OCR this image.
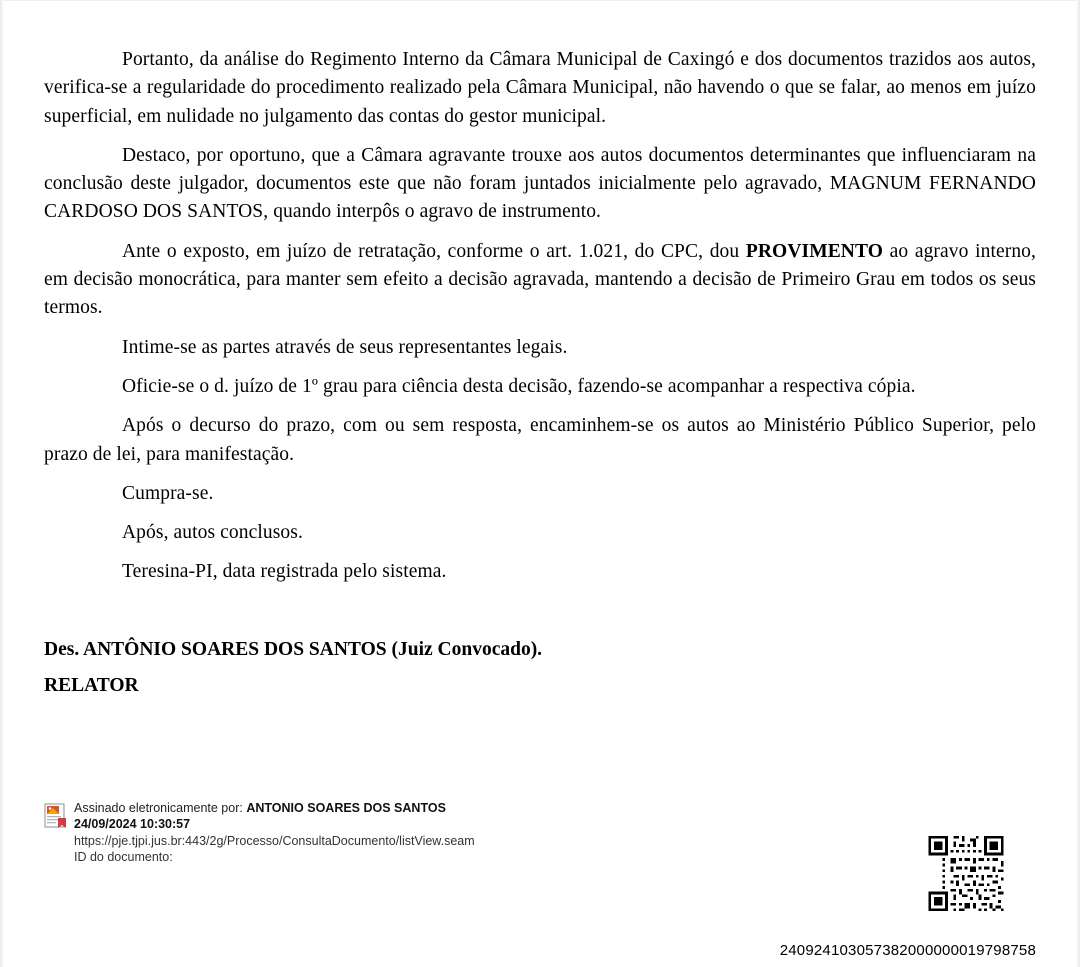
Portanto, da análise do Regimento Interno da Câmara Municipal de Caxingó e dos documentos trazidos aos autos, verifica-se a regularidade do procedimento realizado pela Câmara Municipal, não havendo o que se falar, ao menos em juízo superficial, em nulidade no julgamento das contas do gestor municipal.

Destaco, por oportuno, que a Câmara agravante trouxe aos autos documentos determinantes que influenciaram na conclusão deste julgador, documentos este que não foram juntados inicialmente pelo agravado, MAGNUM FERNANDO CARDOSO DOS SANTOS, quando interpôs o agravo de instrumento.

Ante o exposto, em juízo de retratação, conforme o art. 1.021, do CPC, dou PROVIMENTO ao agravo interno, em decisão monocrática, para manter sem efeito a decisão agravada, mantendo a decisão de Primeiro Grau em todos os seus termos.

Intime-se as partes através de seus representantes legais.

Oficie-se o d. juízo de 1º grau para ciência desta decisão, fazendo-se acompanhar a respectiva cópia.

Após o decurso do prazo, com ou sem resposta, encaminhem-se os autos ao Ministério Público Superior, pelo prazo de lei, para manifestação.

Cumpra-se.

Após, autos conclusos.

Teresina-PI, data registrada pelo sistema.

Des. ANTÔNIO SOARES DOS SANTOS (Juiz Convocado).

RELATOR

Assinado eletronicamente por: ANTONIO SOARES DOS SANTOS
24/09/2024 10:30:57
https://pje.tjpi.jus.br:443/2g/Processo/ConsultaDocumento/listView.seam
ID do documento:
240924103057382000000019798758
